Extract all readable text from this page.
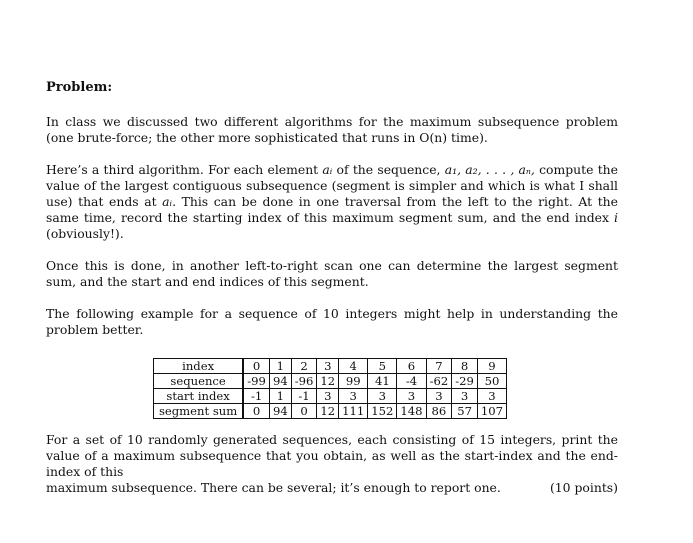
Problem:

In class we discussed two different algorithms for the maximum subsequence problem (one brute-force; the other more sophisticated that runs in O(n) time).

Here’s a third algorithm. For each element aᵢ of the sequence, a₁, a₂, . . . , aₙ, compute the value of the largest contiguous subsequence (segment is simpler and which is what I shall use) that ends at aᵢ. This can be done in one traversal from the left to the right. At the same time, record the starting index of this maximum segment sum, and the end index i (obviously!).

Once this is done, in another left-to-right scan one can determine the largest segment sum, and the start and end indices of this segment.

The following example for a sequence of 10 integers might help in understanding the problem better.

index	0	1	2	3	4	5	6	7	8	9
sequence	-99	94	-96	12	99	41	-4	-62	-29	50
start index	-1	1	-1	3	3	3	3	3	3	3
segment sum	0	94	0	12	111	152	148	86	57	107
For a set of 10 randomly generated sequences, each consisting of 15 integers, print the value of a maximum subsequence that you obtain, as well as the start-index and the end-index of this
maximum subsequence. There can be several; it’s enough to report one.	(10 points)
